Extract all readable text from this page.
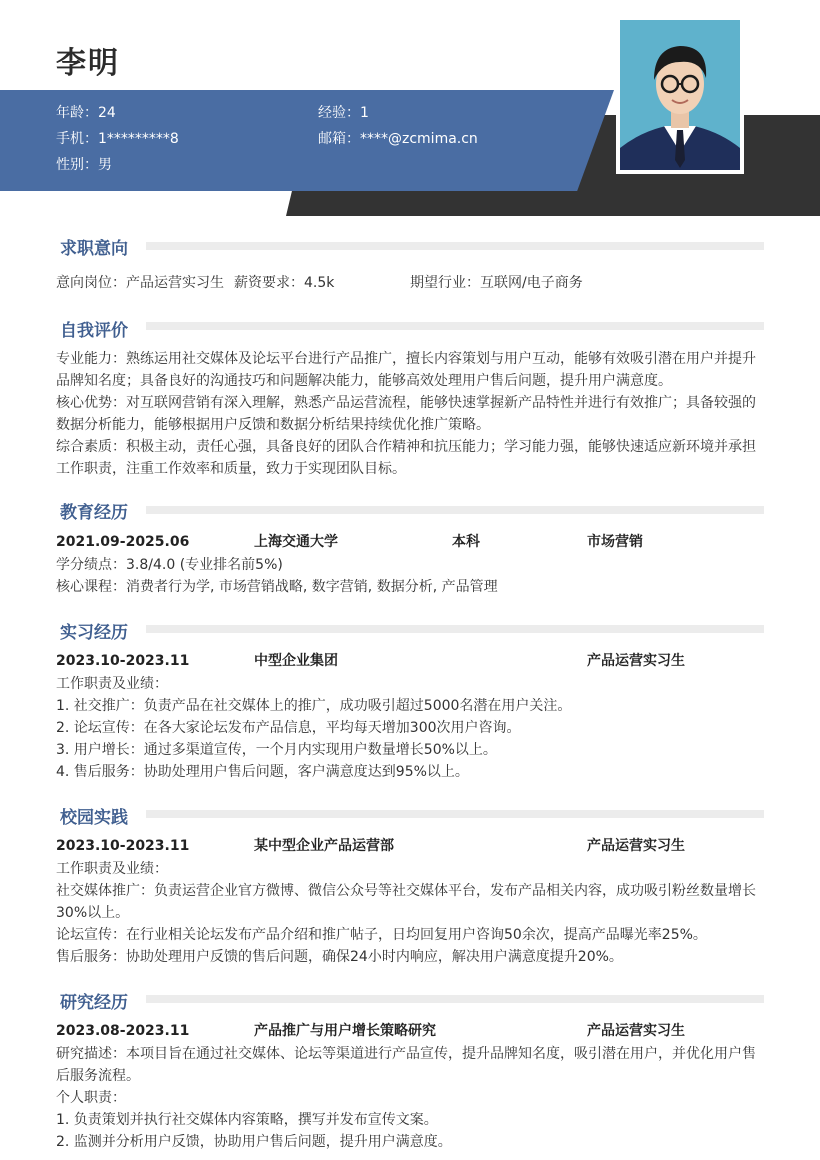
李明
年龄：24	经验：1
手机：1*********8	邮箱：****@zcmima.cn
性别：男
求职意向
意向岗位：产品运营实习生 薪资要求：4.5k	期望行业：互联网/电子商务
自我评价
专业能力：熟练运用社交媒体及论坛平台进行产品推广，擅长内容策划与用户互动，能够有效吸引潜在用户并提升
品牌知名度；具备良好的沟通技巧和问题解决能力，能够高效处理用户售后问题，提升用户满意度。
核心优势：对互联网营销有深入理解，熟悉产品运营流程，能够快速掌握新产品特性并进行有效推广；具备较强的
数据分析能力，能够根据用户反馈和数据分析结果持续优化推广策略。
综合素质：积极主动，责任心强，具备良好的团队合作精神和抗压能力；学习能力强，能够快速适应新环境并承担
工作职责，注重工作效率和质量，致力于实现团队目标。
教育经历
2021.09-2025.06	上海交通大学	本科	市场营销
学分绩点：3.8/4.0 (专业排名前5%)
核心课程：消费者行为学, 市场营销战略, 数字营销, 数据分析, 产品管理
实习经历
2023.10-2023.11	中型企业集团	产品运营实习生
工作职责及业绩：
1. 社交推广：负责产品在社交媒体上的推广，成功吸引超过5000名潜在用户关注。
2. 论坛宣传：在各大家论坛发布产品信息，平均每天增加300次用户咨询。
3. 用户增长：通过多渠道宣传，一个月内实现用户数量增长50%以上。
4. 售后服务：协助处理用户售后问题，客户满意度达到95%以上。
校园实践
2023.10-2023.11	某中型企业产品运营部	产品运营实习生
工作职责及业绩：
社交媒体推广：负责运营企业官方微博、微信公众号等社交媒体平台，发布产品相关内容，成功吸引粉丝数量增长
30%以上。
论坛宣传：在行业相关论坛发布产品介绍和推广帖子，日均回复用户咨询50余次，提高产品曝光率25%。
售后服务：协助处理用户反馈的售后问题，确保24小时内响应，解决用户满意度提升20%。
研究经历
2023.08-2023.11	产品推广与用户增长策略研究	产品运营实习生
研究描述：本项目旨在通过社交媒体、论坛等渠道进行产品宣传，提升品牌知名度，吸引潜在用户，并优化用户售
后服务流程。
个人职责：
1. 负责策划并执行社交媒体内容策略，撰写并发布宣传文案。
2. 监测并分析用户反馈，协助用户售后问题，提升用户满意度。
